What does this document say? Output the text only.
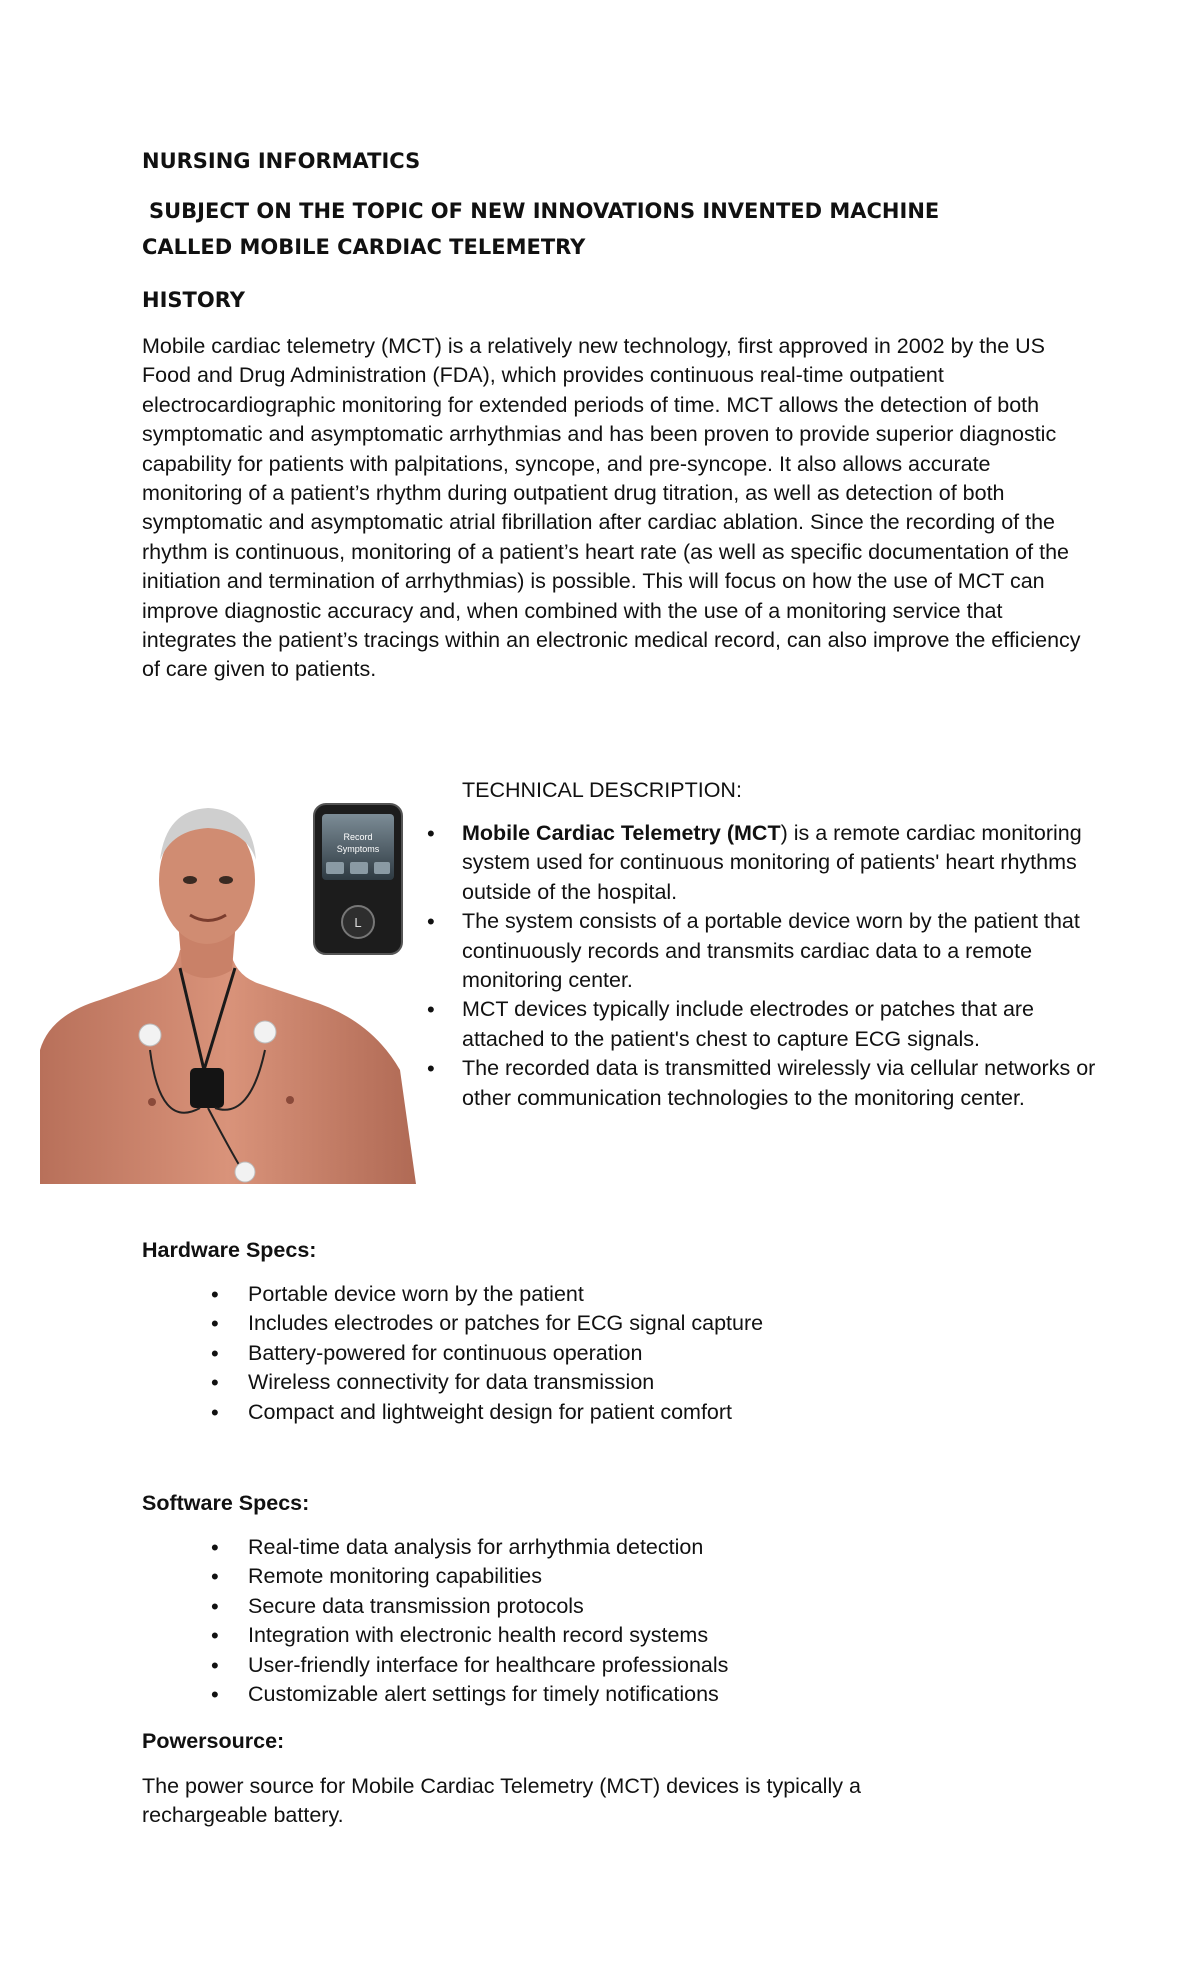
NURSING INFORMATICS
SUBJECT ON THE TOPIC OF NEW INNOVATIONS INVENTED MACHINE
CALLED MOBILE CARDIAC TELEMETRY
HISTORY

Mobile cardiac telemetry (MCT) is a relatively new technology, first approved in 2002 by the US Food and Drug Administration (FDA), which provides continuous real-time outpatient electrocardiographic monitoring for extended periods of time. MCT allows the detection of both symptomatic and asymptomatic arrhythmias and has been proven to provide superior diagnostic capability for patients with palpitations, syncope, and pre-syncope. It also allows accurate monitoring of a patient’s rhythm during outpatient drug titration, as well as detection of both symptomatic and asymptomatic atrial fibrillation after cardiac ablation. Since the recording of the rhythm is continuous, monitoring of a patient’s heart rate (as well as specific documentation of the initiation and termination of arrhythmias) is possible. This will focus on how the use of MCT can improve diagnostic accuracy and, when combined with the use of a monitoring service that integrates the patient’s tracings within an electronic medical record, can also improve the efficiency of care given to patients.

Record
Symptoms
L
TECHNICAL DESCRIPTION:
• Mobile Cardiac Telemetry (MCT) is a remote cardiac monitoring system used for continuous monitoring of patients' heart rhythms outside of the hospital.
• The system consists of a portable device worn by the patient that continuously records and transmits cardiac data to a remote monitoring center.
• MCT devices typically include electrodes or patches that are attached to the patient's chest to capture ECG signals.
• The recorded data is transmitted wirelessly via cellular networks or other communication technologies to the monitoring center.
Hardware Specs:
• Portable device worn by the patient
• Includes electrodes or patches for ECG signal capture
• Battery-powered for continuous operation
• Wireless connectivity for data transmission
• Compact and lightweight design for patient comfort
Software Specs:
• Real-time data analysis for arrhythmia detection
• Remote monitoring capabilities
• Secure data transmission protocols
• Integration with electronic health record systems
• User-friendly interface for healthcare professionals
• Customizable alert settings for timely notifications
Powersource:

The power source for Mobile Cardiac Telemetry (MCT) devices is typically a rechargeable battery.
